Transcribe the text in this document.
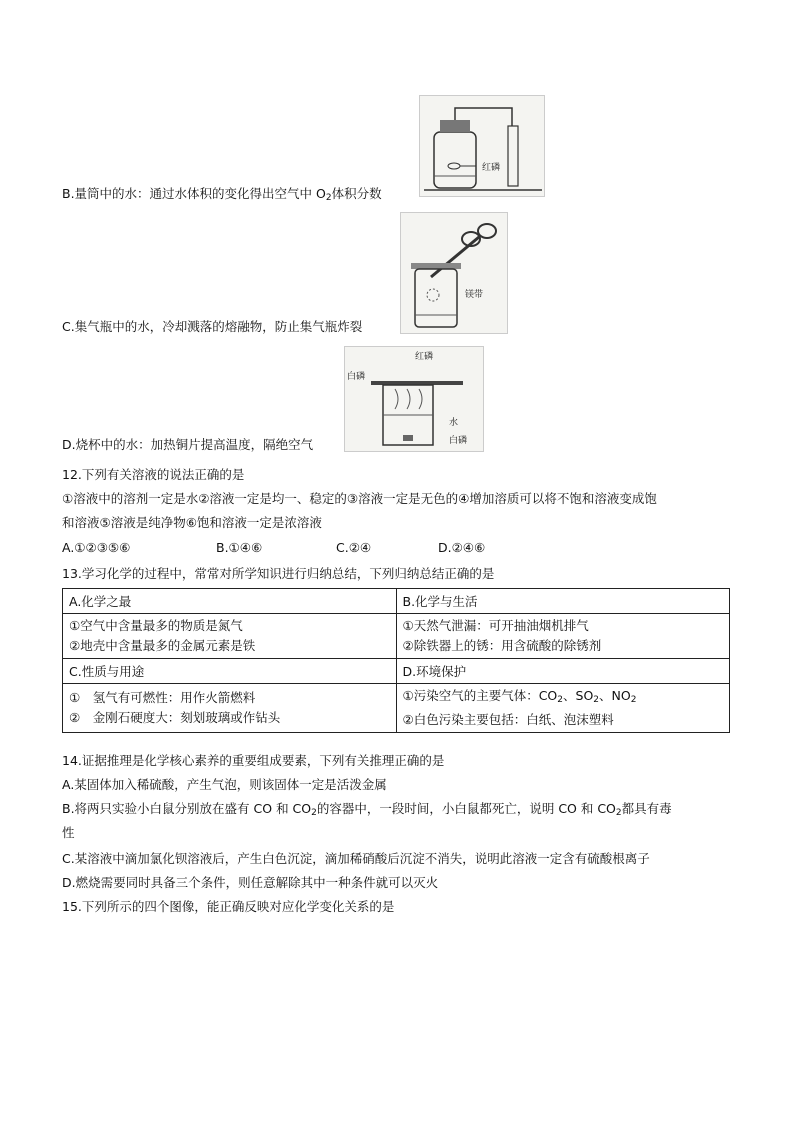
红磷
B.量筒中的水：通过水体积的变化得出空气中 $O_2$体积分数
镁带
C.集气瓶中的水，冷却溅落的熔融物，防止集气瓶炸裂
红磷
白磷
水
白磷
D.烧杯中的水：加热铜片提高温度，隔绝空气
12.下列有关溶液的说法正确的是
①溶液中的溶剂一定是水②溶液一定是均一、稳定的③溶液一定是无色的④增加溶质可以将不饱和溶液变成饱
和溶液⑤溶液是纯净物⑥饱和溶液一定是浓溶液
A.①②③⑤⑥	B.①④⑥	C.②④	D.②④⑥
13.学习化学的过程中，常常对所学知识进行归纳总结，下列归纳总结正确的是
A.化学之最	B.化学与生活

①空气中含量最多的物质是氮气
②地壳中含量最多的金属元素是铁	①天然气泄漏：可开抽油烟机排气
②除铁器上的锈：用含硫酸的除锈剂

C.性质与用途	D.环境保护

①　氢气有可燃性：用作火箭燃料
②　金刚石硬度大：刻划玻璃或作钻头	①污染空气的主要气体：$CO_2$、$SO_2$、$NO_2$
②白色污染主要包括：白纸、泡沫塑料
14.证据推理是化学核心素养的重要组成要素，下列有关推理正确的是
A.某固体加入稀硫酸，产生气泡，则该固体一定是活泼金属
B.将两只实验小白鼠分别放在盛有 CO 和 $CO_2$的容器中，一段时间，小白鼠都死亡，说明 CO 和 $CO_2$都具有毒
性
C.某溶液中滴加氯化钡溶液后，产生白色沉淀，滴加稀硝酸后沉淀不消失，说明此溶液一定含有硫酸根离子
D.燃烧需要同时具备三个条件，则任意解除其中一种条件就可以灭火
15.下列所示的四个图像，能正确反映对应化学变化关系的是
